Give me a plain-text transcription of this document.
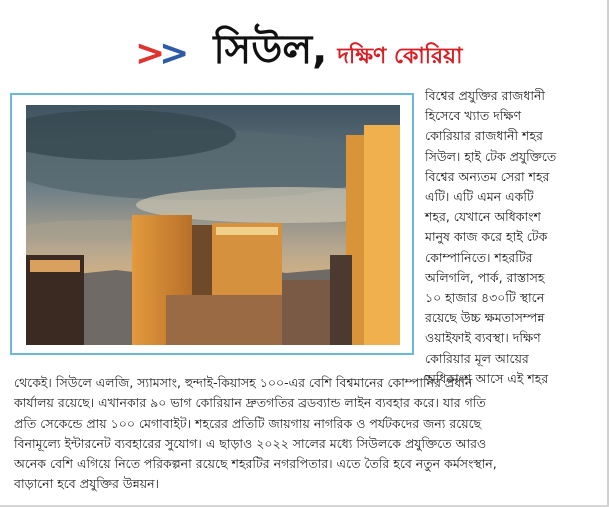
>> সিউল, দক্ষিণ কোরিয়া
বিশ্বের প্রযুক্তির রাজধানী
হিসেবে খ্যাত দক্ষিণ
কোরিয়ার রাজধানী শহর
সিউল। হাই টেক প্রযুক্তিতে
বিশ্বের অন্যতম সেরা শহর
এটি। এটি এমন একটি
শহর, যেখানে অধিকাংশ
মানুষ কাজ করে হাই টেক
কোম্পানিতে। শহরটির
অলিগলি, পার্ক, রাস্তাসহ
১০ হাজার ৪৩০টি স্থানে
রয়েছে উচ্চ ক্ষমতাসম্পন্ন
ওয়াইফাই ব্যবস্থা। দক্ষিণ
কোরিয়ার মূল আয়ের
অধিকাংশ আসে এই শহর
থেকেই। সিউলে এলজি, স্যামসাং, হুন্দাই-কিয়াসহ ১০০-এর বেশি বিশ্বমানের কোম্পানির প্রধান
কার্যালয় রয়েছে। এখানকার ৯০ ভাগ কোরিয়ান দ্রুতগতির ব্রডব্যান্ড লাইন ব্যবহার করে। যার গতি
প্রতি সেকেন্ডে প্রায় ১০০ মেগাবাইট। শহরের প্রতিটি জায়গায় নাগরিক ও পর্যটকদের জন্য রয়েছে
বিনামূল্যে ইন্টারনেট ব্যবহারের সুযোগ। এ ছাড়াও ২০২২ সালের মধ্যে সিউলকে প্রযুক্তিতে আরও
অনেক বেশি এগিয়ে নিতে পরিকল্পনা রয়েছে শহরটির নগরপিতার। এতে তৈরি হবে নতুন কর্মসংস্থান,
বাড়ানো হবে প্রযুক্তির উন্নয়ন।
